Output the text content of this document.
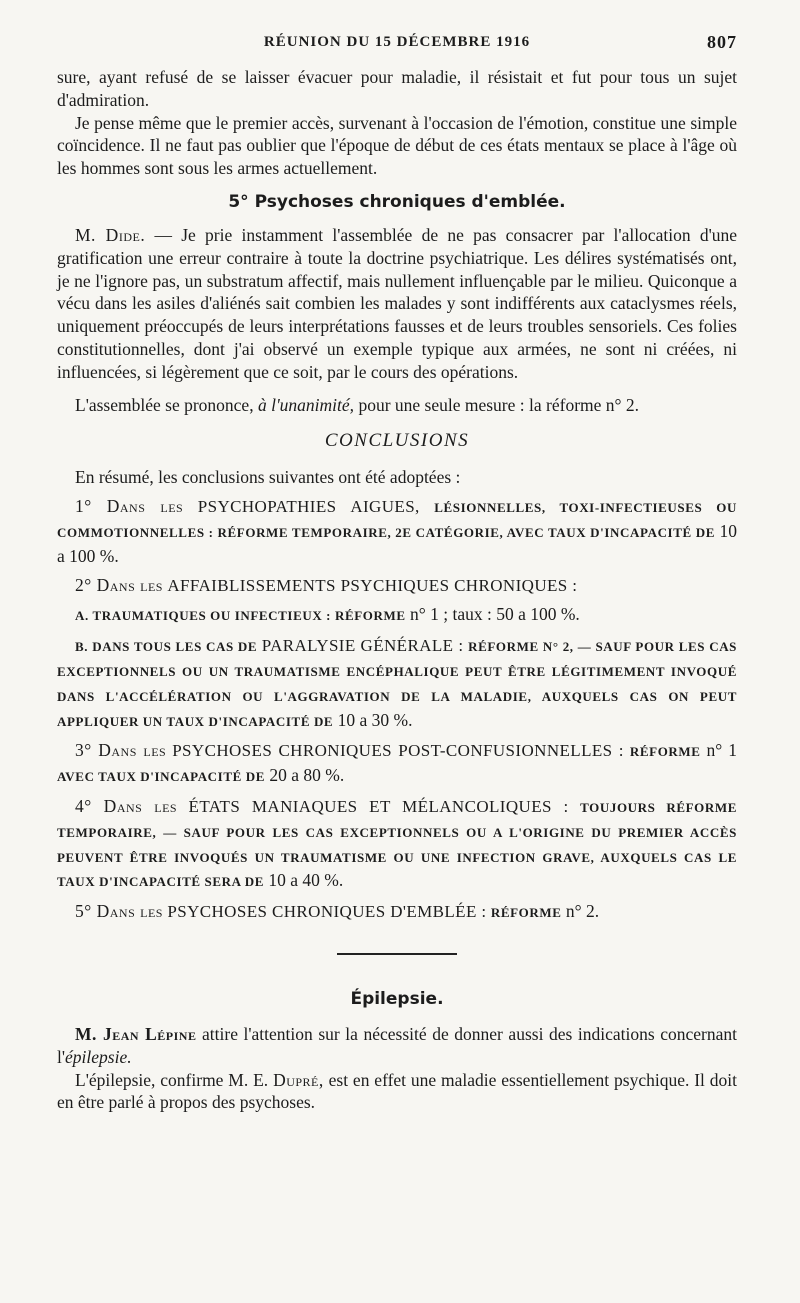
RÉUNION DU 15 DÉCEMBRE 1916	807

sure, ayant refusé de se laisser évacuer pour maladie, il résistait et fut pour tous un sujet d'admiration.

Je pense même que le premier accès, survenant à l'occasion de l'émotion, constitue une simple coïncidence. Il ne faut pas oublier que l'époque de début de ces états mentaux se place à l'âge où les hommes sont sous les armes actuellement.

5° Psychoses chroniques d'emblée.

M. Dide. — Je prie instamment l'assemblée de ne pas consacrer par l'allocation d'une gratification une erreur contraire à toute la doctrine psychiatrique. Les délires systématisés ont, je ne l'ignore pas, un substratum affectif, mais nullement influençable par le milieu. Quiconque a vécu dans les asiles d'aliénés sait combien les malades y sont indifférents aux cataclysmes réels, uniquement préoccupés de leurs interprétations fausses et de leurs troubles sensoriels. Ces folies constitutionnelles, dont j'ai observé un exemple typique aux armées, ne sont ni créées, ni influencées, si légèrement que ce soit, par le cours des opérations.

L'assemblée se prononce, à l'unanimité, pour une seule mesure : la réforme n° 2.

CONCLUSIONS

En résumé, les conclusions suivantes ont été adoptées :

1° Dans les PSYCHOPATHIES AIGUES, LÉSIONNELLES, TOXI-INFECTIEUSES OU COMMOTIONNELLES : RÉFORME TEMPORAIRE, 2E CATÉGORIE, AVEC TAUX D'INCAPACITÉ DE 10 a 100 %.

2° Dans les AFFAIBLISSEMENTS PSYCHIQUES CHRONIQUES :

A. TRAUMATIQUES OU INFECTIEUX : RÉFORME n° 1 ; taux : 50 a 100 %.

B. DANS TOUS LES CAS DE PARALYSIE GÉNÉRALE : RÉFORME N° 2, — SAUF POUR LES CAS EXCEPTIONNELS OU UN TRAUMATISME ENCÉPHALIQUE PEUT ÊTRE LÉGITIMEMENT INVOQUÉ DANS L'ACCÉLÉRATION OU L'AGGRAVATION DE LA MALADIE, AUXQUELS CAS ON PEUT APPLIQUER UN TAUX D'INCAPACITÉ DE 10 a 30 %.

3° Dans les PSYCHOSES CHRONIQUES POST-CONFUSIONNELLES : RÉFORME n° 1 AVEC TAUX D'INCAPACITÉ DE 20 a 80 %.

4° Dans les ÉTATS MANIAQUES ET MÉLANCOLIQUES : TOUJOURS RÉFORME TEMPORAIRE, — SAUF POUR LES CAS EXCEPTIONNELS OU A L'ORIGINE DU PREMIER ACCÈS PEUVENT ÊTRE INVOQUÉS UN TRAUMATISME OU UNE INFECTION GRAVE, AUXQUELS CAS LE TAUX D'INCAPACITÉ SERA DE 10 a 40 %.

5° Dans les PSYCHOSES CHRONIQUES D'EMBLÉE : RÉFORME n° 2.

Épilepsie.

M. Jean Lépine attire l'attention sur la nécessité de donner aussi des indications concernant l'épilepsie.

L'épilepsie, confirme M. E. Dupré, est en effet une maladie essentiellement psychique. Il doit en être parlé à propos des psychoses.
